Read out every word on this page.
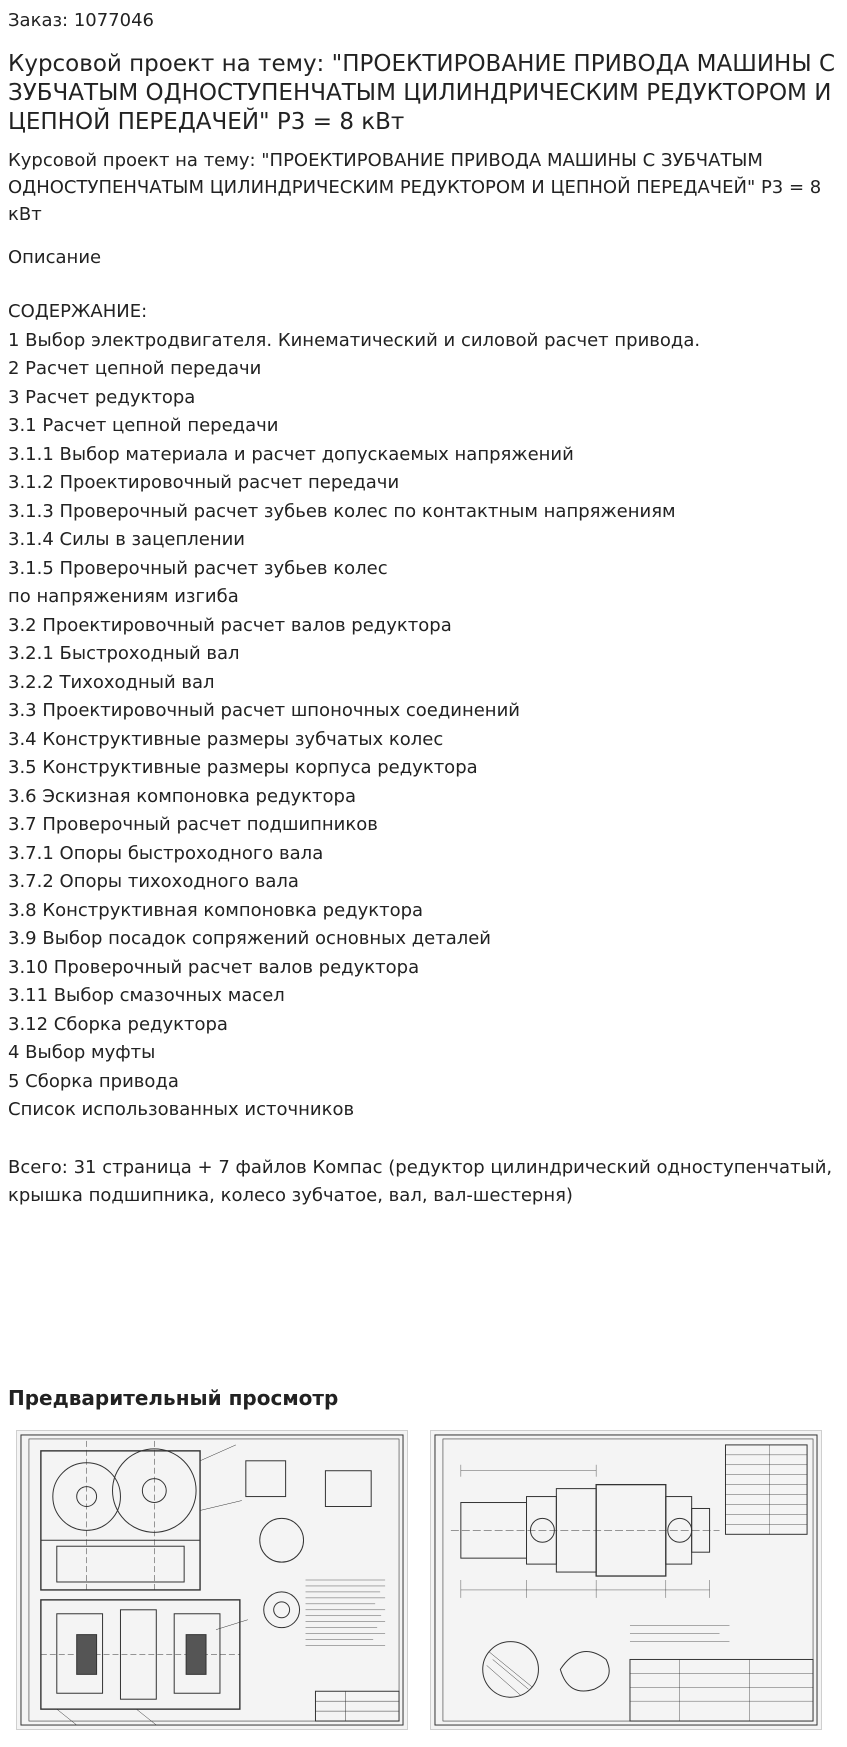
Заказ: 1077046
Курсовой проект на тему: "ПРОЕКТИРОВАНИЕ ПРИВОДА МАШИНЫ С ЗУБЧАТЫМ ОДНОСТУПЕНЧАТЫМ ЦИЛИНДРИЧЕСКИМ РЕДУКТОРОМ И ЦЕПНОЙ ПЕРЕДАЧЕЙ" Р3 = 8 кВт
Курсовой проект на тему: "ПРОЕКТИРОВАНИЕ ПРИВОДА МАШИНЫ С ЗУБЧАТЫМ ОДНОСТУПЕНЧАТЫМ ЦИЛИНДРИЧЕСКИМ РЕДУКТОРОМ И ЦЕПНОЙ ПЕРЕДАЧЕЙ" Р3 = 8 кВт
Описание
СОДЕРЖАНИЕ:
1 Выбор электродвигателя. Кинематический и силовой расчет привода.
2 Расчет цепной передачи
3 Расчет редуктора
3.1 Расчет цепной передачи
3.1.1 Выбор материала и расчет допускаемых напряжений
3.1.2 Проектировочный расчет передачи
3.1.3 Проверочный расчет зубьев колес по контактным напряжениям
3.1.4 Силы в зацеплении
3.1.5 Проверочный расчет зубьев колес
по напряжениям изгиба
3.2 Проектировочный расчет валов редуктора
3.2.1 Быстроходный вал
3.2.2 Тихоходный вал
3.3 Проектировочный расчет шпоночных соединений
3.4 Конструктивные размеры зубчатых колес
3.5 Конструктивные размеры корпуса редуктора
3.6 Эскизная компоновка редуктора
3.7 Проверочный расчет подшипников
3.7.1 Опоры быстроходного вала
3.7.2 Опоры тихоходного вала
3.8 Конструктивная компоновка редуктора
3.9 Выбор посадок сопряжений основных деталей
3.10 Проверочный расчет валов редуктора
3.11 Выбор смазочных масел
3.12 Сборка редуктора
4 Выбор муфты
5 Сборка привода
Список использованных источников
Всего: 31 страница + 7 файлов Компас (редуктор цилиндрический одноступенчатый, крышка подшипника, колесо зубчатое, вал, вал-шестерня)
Предварительный просмотр
